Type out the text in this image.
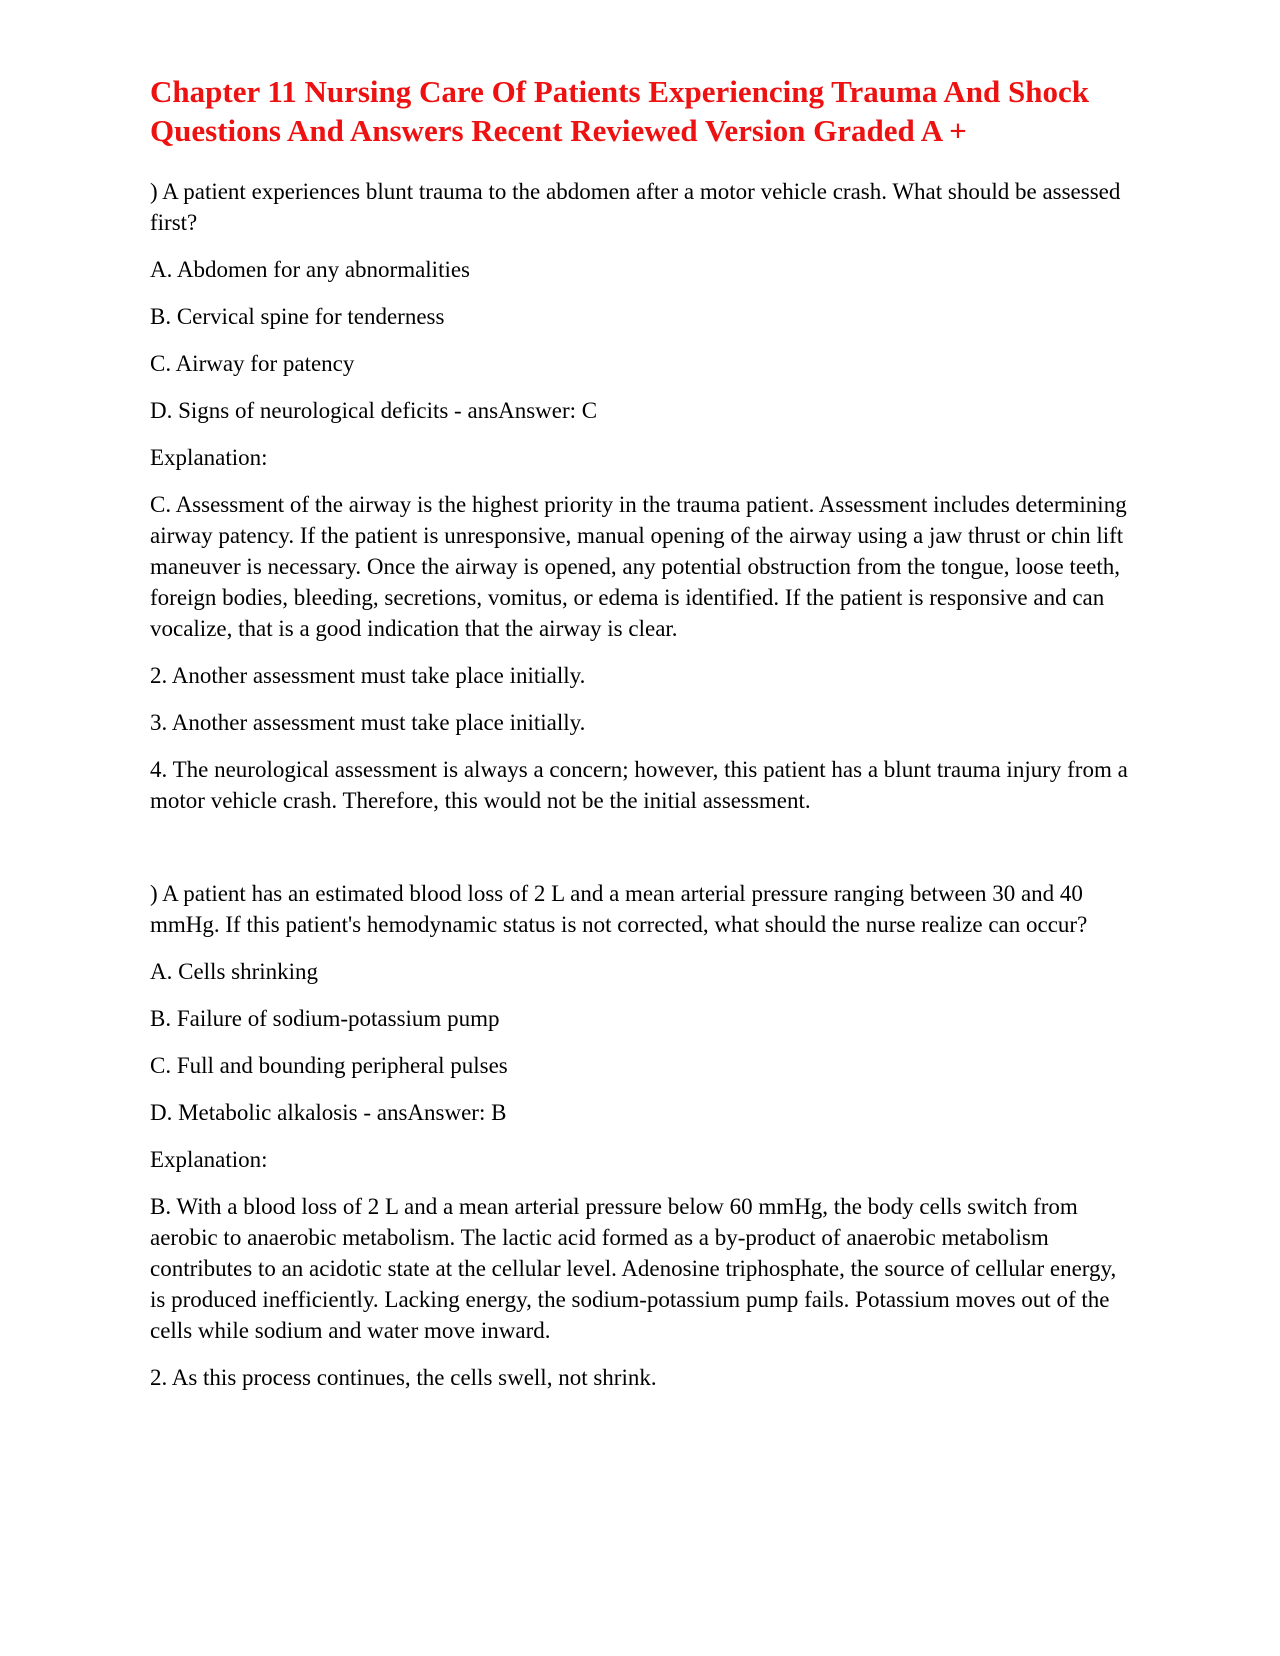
Chapter 11 Nursing Care Of Patients Experiencing Trauma And Shock Questions And Answers Recent Reviewed Version Graded A +

) A patient experiences blunt trauma to the abdomen after a motor vehicle crash. What should be assessed first?

A. Abdomen for any abnormalities

B. Cervical spine for tenderness

C. Airway for patency

D. Signs of neurological deficits - ansAnswer: C

Explanation:

C. Assessment of the airway is the highest priority in the trauma patient. Assessment includes determining airway patency. If the patient is unresponsive, manual opening of the airway using a jaw thrust or chin lift maneuver is necessary. Once the airway is opened, any potential obstruction from the tongue, loose teeth, foreign bodies, bleeding, secretions, vomitus, or edema is identified. If the patient is responsive and can vocalize, that is a good indication that the airway is clear.

2. Another assessment must take place initially.

3. Another assessment must take place initially.

4. The neurological assessment is always a concern; however, this patient has a blunt trauma injury from a motor vehicle crash. Therefore, this would not be the initial assessment.

) A patient has an estimated blood loss of 2 L and a mean arterial pressure ranging between 30 and 40 mmHg. If this patient's hemodynamic status is not corrected, what should the nurse realize can occur?

A. Cells shrinking

B. Failure of sodium-potassium pump

C. Full and bounding peripheral pulses

D. Metabolic alkalosis - ansAnswer: B

Explanation:

B. With a blood loss of 2 L and a mean arterial pressure below 60 mmHg, the body cells switch from aerobic to anaerobic metabolism. The lactic acid formed as a by-product of anaerobic metabolism contributes to an acidotic state at the cellular level. Adenosine triphosphate, the source of cellular energy, is produced inefficiently. Lacking energy, the sodium-potassium pump fails. Potassium moves out of the cells while sodium and water move inward.

2. As this process continues, the cells swell, not shrink.
